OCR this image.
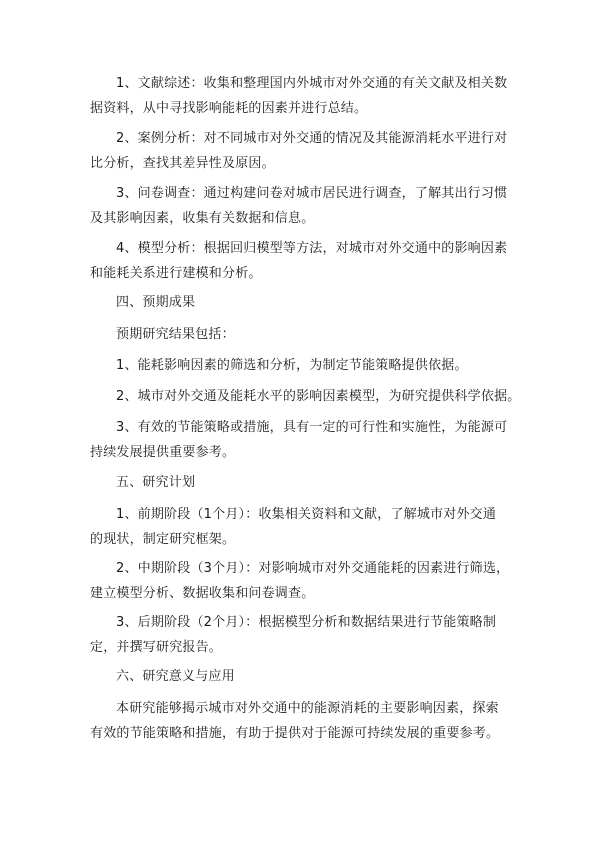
1、文献综述：收集和整理国内外城市对外交通的有关文献及相关数
据资料，从中寻找影响能耗的因素并进行总结。
2、案例分析：对不同城市对外交通的情况及其能源消耗水平进行对
比分析，查找其差异性及原因。
3、问卷调查：通过构建问卷对城市居民进行调查，了解其出行习惯
及其影响因素，收集有关数据和信息。
4、模型分析：根据回归模型等方法，对城市对外交通中的影响因素
和能耗关系进行建模和分析。
四、预期成果
预期研究结果包括：
1、能耗影响因素的筛选和分析，为制定节能策略提供依据。
2、城市对外交通及能耗水平的影响因素模型，为研究提供科学依据。
3、有效的节能策略或措施，具有一定的可行性和实施性，为能源可
持续发展提供重要参考。
五、研究计划
1、前期阶段（1个月）：收集相关资料和文献，了解城市对外交通
的现状，制定研究框架。
2、中期阶段（3个月）：对影响城市对外交通能耗的因素进行筛选，
建立模型分析、数据收集和问卷调查。
3、后期阶段（2个月）：根据模型分析和数据结果进行节能策略制
定，并撰写研究报告。
六、研究意义与应用
本研究能够揭示城市对外交通中的能源消耗的主要影响因素，探索
有效的节能策略和措施，有助于提供对于能源可持续发展的重要参考。
